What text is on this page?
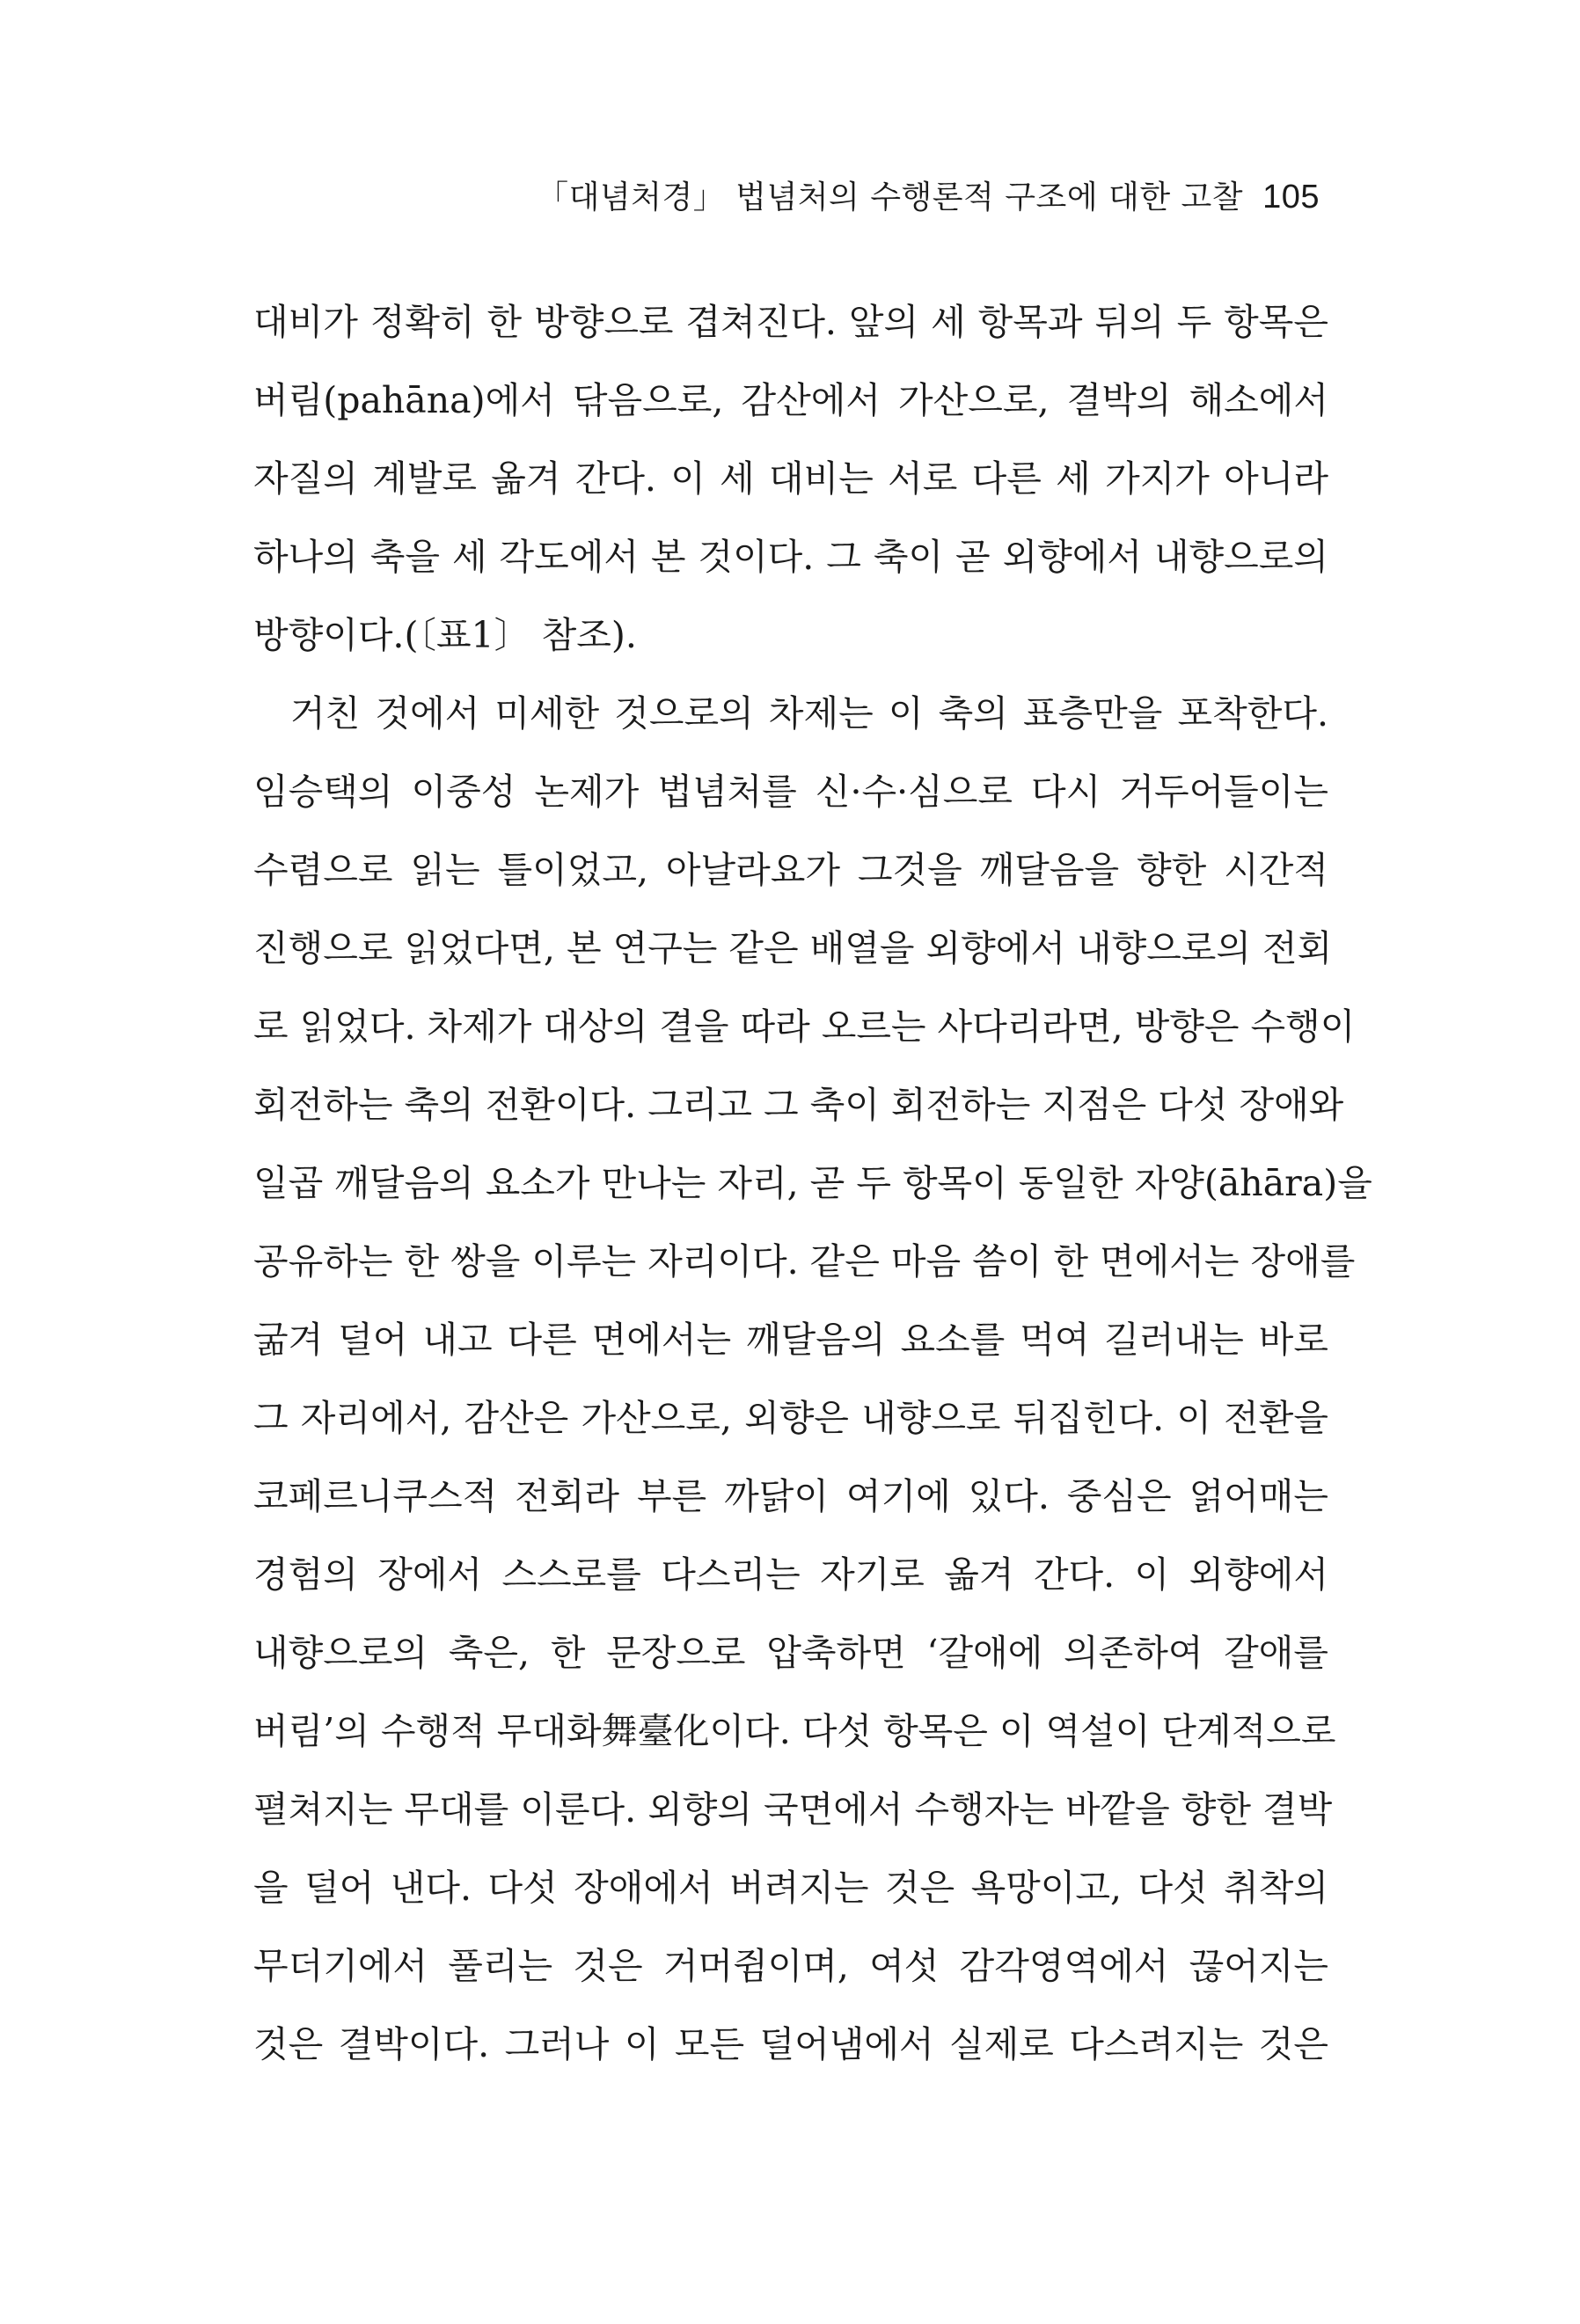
「대념처경」 법념처의 수행론적 구조에 대한 고찰 105
대비가 정확히 한 방향으로 겹쳐진다. 앞의 세 항목과 뒤의 두 항목은
버림(pahāna)에서 닦음으로, 감산에서 가산으로, 결박의 해소에서
자질의 계발로 옮겨 간다. 이 세 대비는 서로 다른 세 가지가 아니라
하나의 축을 세 각도에서 본 것이다. 그 축이 곧 외향에서 내향으로의
방향이다.(〔표1〕 참조).
거친 것에서 미세한 것으로의 차제는 이 축의 표층만을 포착한다.
임승택의 이중성 논제가 법념처를 신·수·심으로 다시 거두어들이는
수렴으로 읽는 틀이었고, 아날라요가 그것을 깨달음을 향한 시간적
진행으로 읽었다면, 본 연구는 같은 배열을 외향에서 내향으로의 전회
로 읽었다. 차제가 대상의 결을 따라 오르는 사다리라면, 방향은 수행이
회전하는 축의 전환이다. 그리고 그 축이 회전하는 지점은 다섯 장애와
일곱 깨달음의 요소가 만나는 자리, 곧 두 항목이 동일한 자양(āhāra)을
공유하는 한 쌍을 이루는 자리이다. 같은 마음 씀이 한 면에서는 장애를
굶겨 덜어 내고 다른 면에서는 깨달음의 요소를 먹여 길러내는 바로
그 자리에서, 감산은 가산으로, 외향은 내향으로 뒤집힌다. 이 전환을
코페르니쿠스적 전회라 부른 까닭이 여기에 있다. 중심은 얽어매는
경험의 장에서 스스로를 다스리는 자기로 옮겨 간다. 이 외향에서
내향으로의 축은, 한 문장으로 압축하면 ‘갈애에 의존하여 갈애를
버림’의 수행적 무대화舞臺化이다. 다섯 항목은 이 역설이 단계적으로
펼쳐지는 무대를 이룬다. 외향의 국면에서 수행자는 바깥을 향한 결박
을 덜어 낸다. 다섯 장애에서 버려지는 것은 욕망이고, 다섯 취착의
무더기에서 풀리는 것은 거머쥠이며, 여섯 감각영역에서 끊어지는
것은 결박이다. 그러나 이 모든 덜어냄에서 실제로 다스려지는 것은
